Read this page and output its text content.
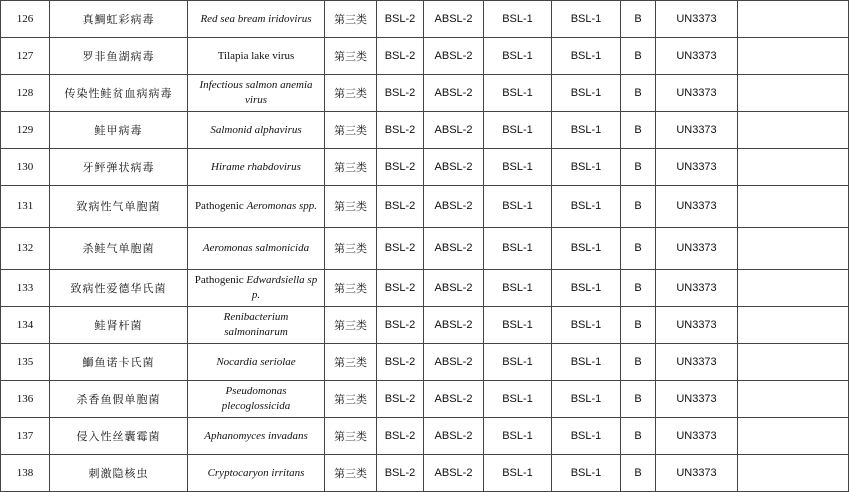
126	真鯛虹彩病毒	Red sea bream iridovirus	第三类	BSL-2	ABSL-2	BSL-1	BSL-1	B	UN3373	
127	罗非鱼湖病毒	Tilapia lake virus	第三类	BSL-2	ABSL-2	BSL-1	BSL-1	B	UN3373	
128	传染性鲑贫血病病毒	Infectious salmon anemia virus	第三类	BSL-2	ABSL-2	BSL-1	BSL-1	B	UN3373	
129	鲑甲病毒	Salmonid alphavirus	第三类	BSL-2	ABSL-2	BSL-1	BSL-1	B	UN3373	
130	牙鲆弹状病毒	Hirame rhabdovirus	第三类	BSL-2	ABSL-2	BSL-1	BSL-1	B	UN3373	
131	致病性气单胞菌	Pathogenic Aeromonas spp.	第三类	BSL-2	ABSL-2	BSL-1	BSL-1	B	UN3373	
132	杀鲑气单胞菌	Aeromonas salmonicida	第三类	BSL-2	ABSL-2	BSL-1	BSL-1	B	UN3373	
133	致病性爱德华氏菌	Pathogenic Edwardsiella sp p.	第三类	BSL-2	ABSL-2	BSL-1	BSL-1	B	UN3373	
134	鲑肾杆菌	Renibacterium salmoninarum	第三类	BSL-2	ABSL-2	BSL-1	BSL-1	B	UN3373	
135	鰤鱼诺卡氏菌	Nocardia seriolae	第三类	BSL-2	ABSL-2	BSL-1	BSL-1	B	UN3373	
136	杀香鱼假单胞菌	Pseudomonas plecoglossicida	第三类	BSL-2	ABSL-2	BSL-1	BSL-1	B	UN3373	
137	侵入性丝囊霉菌	Aphanomyces invadans	第三类	BSL-2	ABSL-2	BSL-1	BSL-1	B	UN3373	
138	刺激隐核虫	Cryptocaryon irritans	第三类	BSL-2	ABSL-2	BSL-1	BSL-1	B	UN3373	
